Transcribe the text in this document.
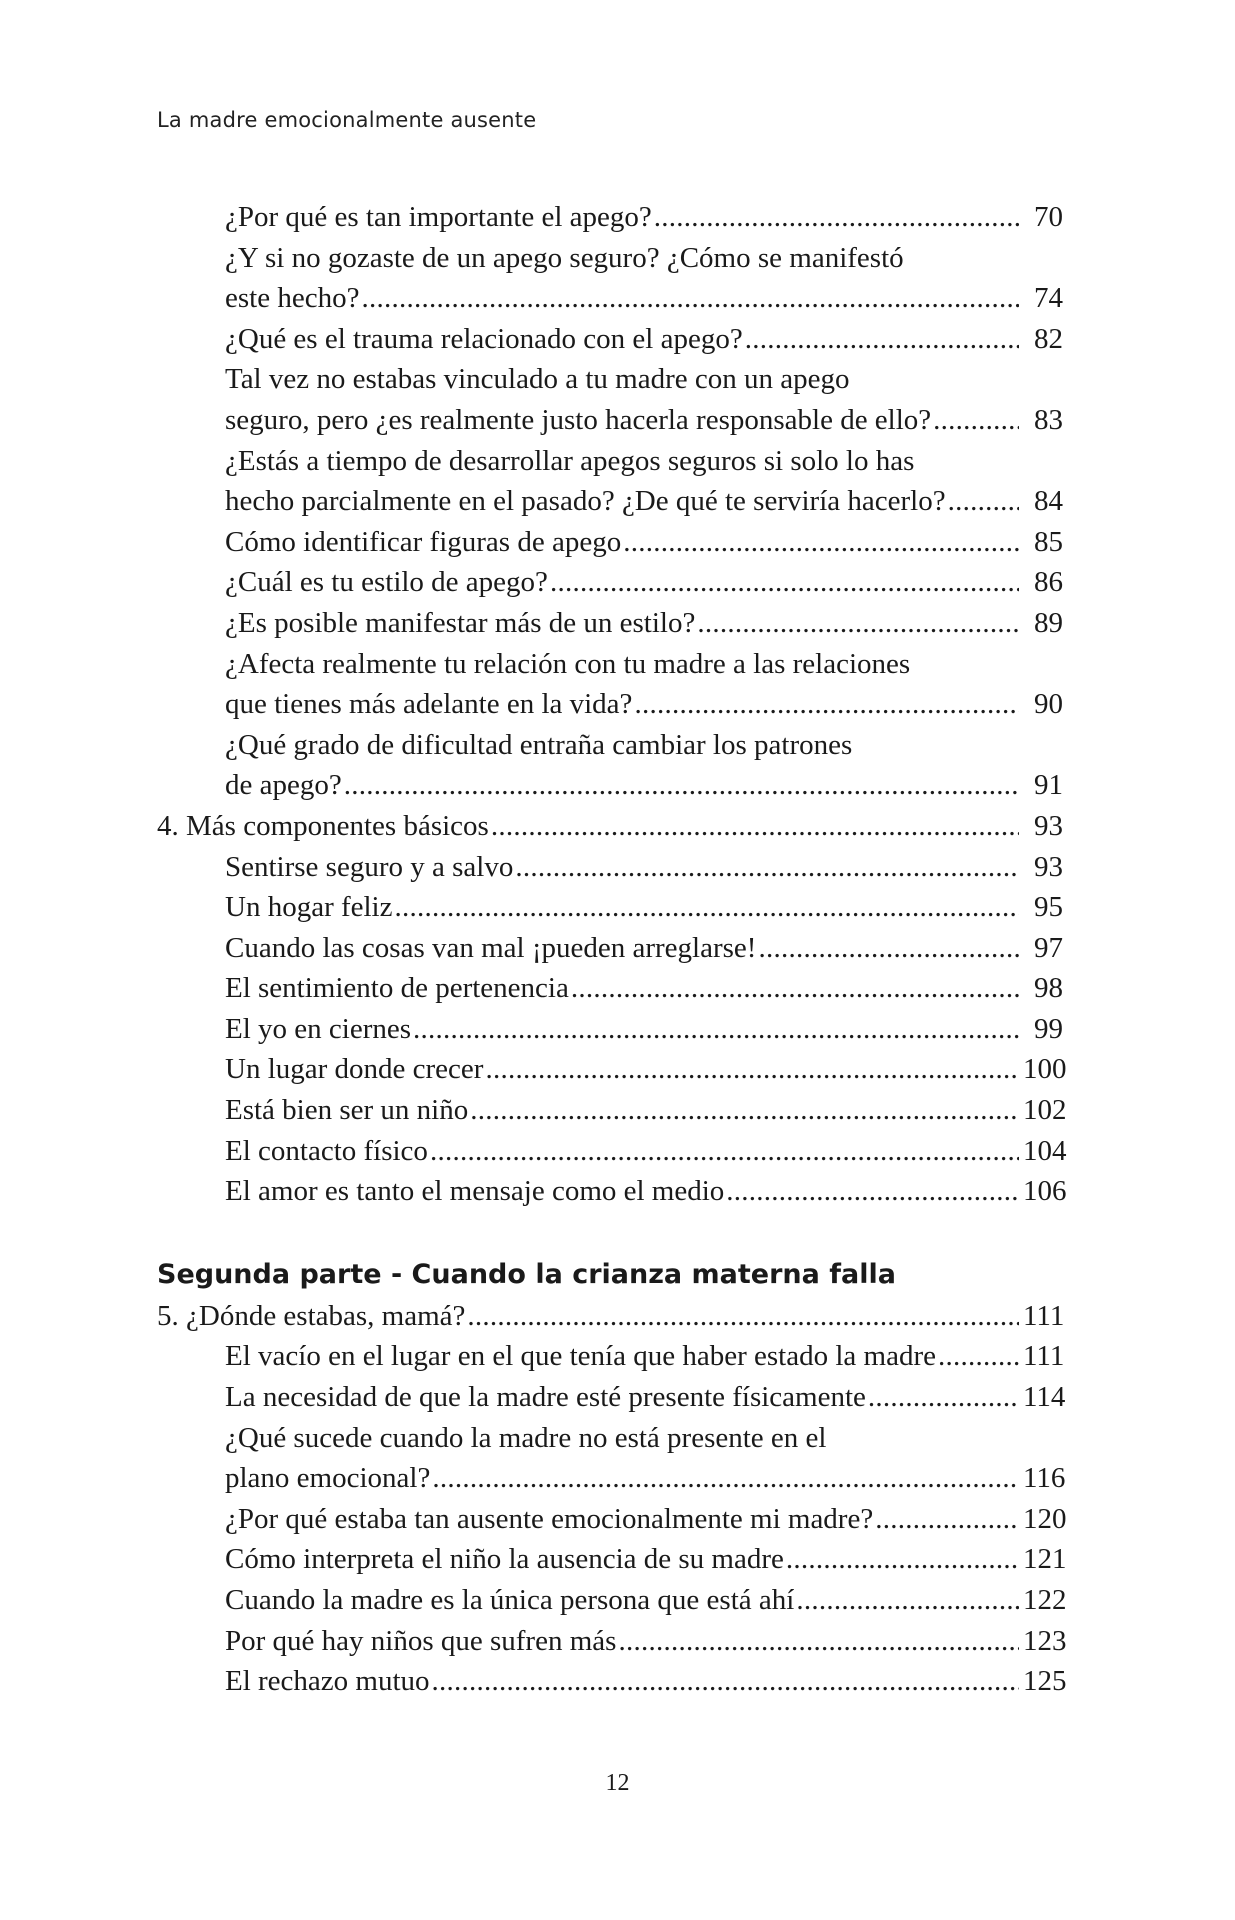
La madre emocionalmente ausente
¿Por qué es tan importante el apego? . . .	70
¿Y si no gozaste de un apego seguro? ¿Cómo se manifestó
este hecho? . . .	74
¿Qué es el trauma relacionado con el apego? . . .	82
Tal vez no estabas vinculado a tu madre con un apego
seguro, pero ¿es realmente justo hacerla responsable de ello? . . .	83
¿Estás a tiempo de desarrollar apegos seguros si solo lo has
hecho parcialmente en el pasado? ¿De qué te serviría hacerlo? . . .	84
Cómo identificar figuras de apego . . .	85
¿Cuál es tu estilo de apego? . . .	86
¿Es posible manifestar más de un estilo? . . .	89
¿Afecta realmente tu relación con tu madre a las relaciones
que tienes más adelante en la vida? . . .	90
¿Qué grado de dificultad entraña cambiar los patrones
de apego? . . .	91
4.
Más componentes básicos . . .	93
Sentirse seguro y a salvo . . .	93
Un hogar feliz . . .	95
Cuando las cosas van mal ¡pueden arreglarse! . . .	97
El sentimiento de pertenencia . . .	98
El yo en ciernes . . .	99
Un lugar donde crecer . . .	100
Está bien ser un niño . . .	102
El contacto físico . . .	104
El amor es tanto el mensaje como el medio . . .	106
Segunda parte - Cuando la crianza materna falla
5.
¿Dónde estabas, mamá? . . .	111
El vacío en el lugar en el que tenía que haber estado la madre . . .	111
La necesidad de que la madre esté presente físicamente . . .	114
¿Qué sucede cuando la madre no está presente en el
plano emocional? . . .	116
¿Por qué estaba tan ausente emocionalmente mi madre? . . .	120
Cómo interpreta el niño la ausencia de su madre . . .	121
Cuando la madre es la única persona que está ahí . . .	122
Por qué hay niños que sufren más . . .	123
El rechazo mutuo . . .	125
12
